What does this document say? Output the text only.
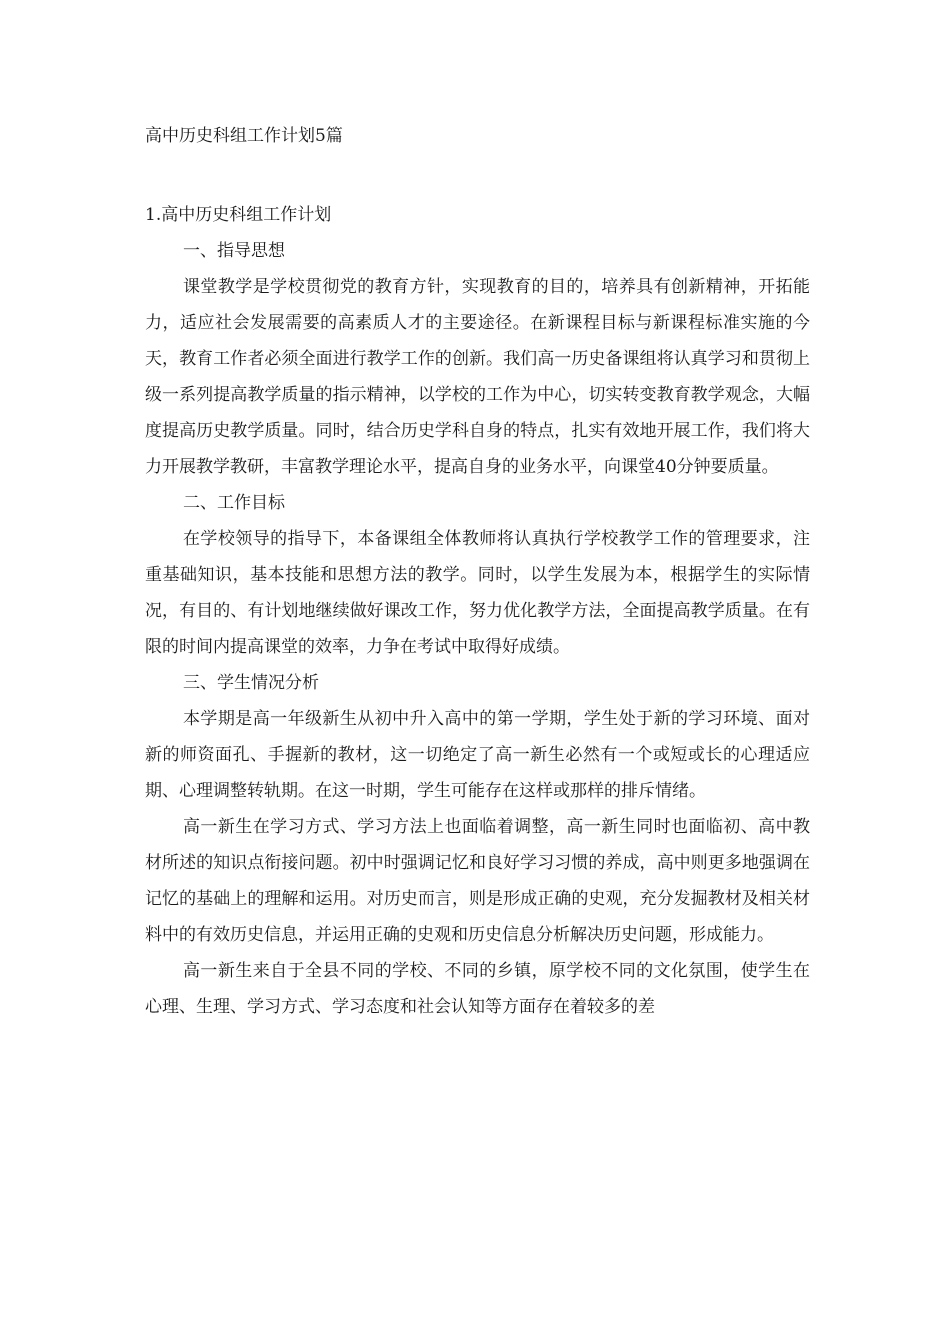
高中历史科组工作计划5篇

1.高中历史科组工作计划

一、指导思想

课堂教学是学校贯彻党的教育方针，实现教育的目的，培养具有创新精神，开拓能力，适应社会发展需要的高素质人才的主要途径。在新课程目标与新课程标准实施的今天，教育工作者必须全面进行教学工作的创新。我们高一历史备课组将认真学习和贯彻上级一系列提高教学质量的指示精神，以学校的工作为中心，切实转变教育教学观念，大幅度提高历史教学质量。同时，结合历史学科自身的特点，扎实有效地开展工作，我们将大力开展教学教研，丰富教学理论水平，提高自身的业务水平，向课堂40分钟要质量。

二、工作目标

在学校领导的指导下，本备课组全体教师将认真执行学校教学工作的管理要求，注重基础知识，基本技能和思想方法的教学。同时，以学生发展为本，根据学生的实际情况，有目的、有计划地继续做好课改工作，努力优化教学方法，全面提高教学质量。在有限的时间内提高课堂的效率，力争在考试中取得好成绩。

三、学生情况分析

本学期是高一年级新生从初中升入高中的第一学期，学生处于新的学习环境、面对新的师资面孔、手握新的教材，这一切绝定了高一新生必然有一个或短或长的心理适应期、心理调整转轨期。在这一时期，学生可能存在这样或那样的排斥情绪。

高一新生在学习方式、学习方法上也面临着调整，高一新生同时也面临初、高中教材所述的知识点衔接问题。初中时强调记忆和良好学习习惯的养成，高中则更多地强调在记忆的基础上的理解和运用。对历史而言，则是形成正确的史观，充分发掘教材及相关材料中的有效历史信息，并运用正确的史观和历史信息分析解决历史问题，形成能力。

高一新生来自于全县不同的学校、不同的乡镇，原学校不同的文化氛围，使学生在心理、生理、学习方式、学习态度和社会认知等方面存在着较多的差
